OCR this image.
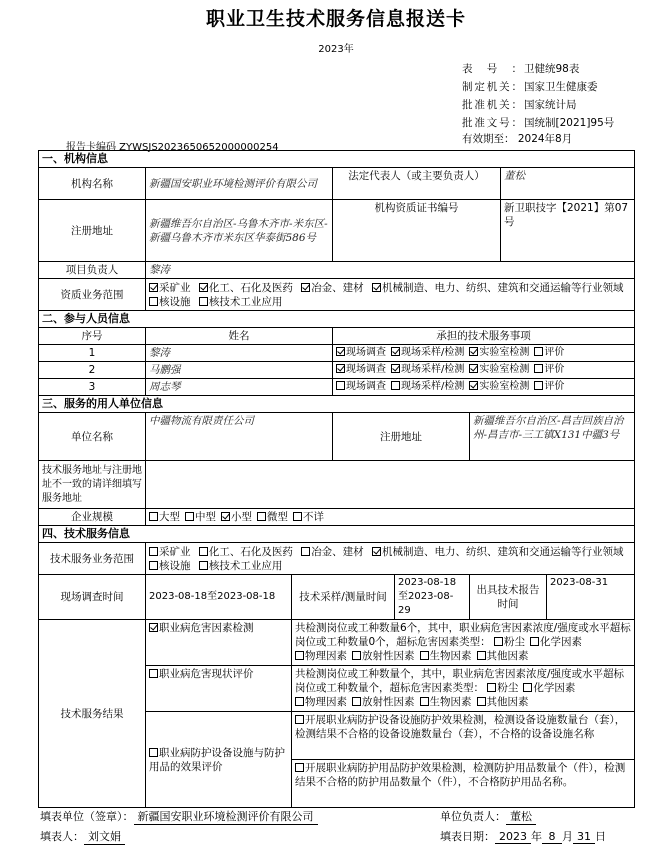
职业卫生技术服务信息报送卡
2023年
表号： 卫健统98表
制定机关： 国家卫生健康委
批准机关： 国家统计局
批准文号： 国统制[2021]95号
有效期至： 2024年8月
报告卡编码 ZYWSJS2023650652000000254
一、机构信息							
机构名称	新疆国安职业环境检测评价有限公司		法定代表人（或主要负责人）			董松	
注册地址	新疆维吾尔自治区-乌鲁木齐市-米东区-新疆乌鲁木齐市米东区华泰街586号		机构资质证书编号			新卫职技字【2021】第07号	
项目负责人	黎涛						
资质业务范围	采矿业 化工、石化及医药 冶金、建材 机械制造、电力、纺织、建筑和交通运输等行业领域 核设施 核技术工业应用						
二、参与人员信息							
序号	姓名		承担的技术服务事项				
1	黎涛		现场调查 现场采样/检测 实验室检测 评价				
2	马鹏强		现场调查 现场采样/检测 实验室检测 评价				
3	周志琴		现场调查 现场采样/检测 实验室检测 评价				
三、服务的用人单位信息							
单位名称	中疆物流有限责任公司		注册地址		新疆维吾尔自治区-昌吉回族自治州-昌吉市-三工镇X131中疆3号		
技术服务地址与注册地址不一致的请详细填写服务地址							
企业规模	大型 中型 小型 微型 不详						
四、技术服务信息							
技术服务业务范围	采矿业 化工、石化及医药 冶金、建材 机械制造、电力、纺织、建筑和交通运输等行业领域 核设施 核技术工业应用						
现场调查时间	2023-08-18至2023-08-18	技术采样/测量时间		2023-08-18至2023-08-29	出具技术报告时间		2023-08-31
技术服务结果	职业病危害因素检测	共检测岗位或工种数量6个，其中，职业病危害因素浓度/强度或水平超标岗位或工种数量0个，超标危害因素类型： 粉尘 化学因素物理因素 放射性因素 生物因素 其他因素					
	职业病危害现状评价	共检测岗位或工种数量个，其中，职业病危害因素浓度/强度或水平超标岗位或工种数量个，超标危害因素类型： 粉尘 化学因素物理因素 放射性因素 生物因素 其他因素					
	职业病防护设备设施与防护用品的效果评价	开展职业病防护设备设施防护效果检测，检测设备设施数量台（套），检测结果不合格的设备设施数量台（套），不合格的设备设施名称					
		开展职业病防护用品防护效果检测，检测防护用品数量个（件），检测结果不合格的防护用品数量个（件），不合格防护用品名称。					
填表单位（签章）： 新疆国安职业环境检测评价有限公司	单位负责人： 董松
填表人： 刘文娟	填表日期： 2023 年 8 月 31 日
